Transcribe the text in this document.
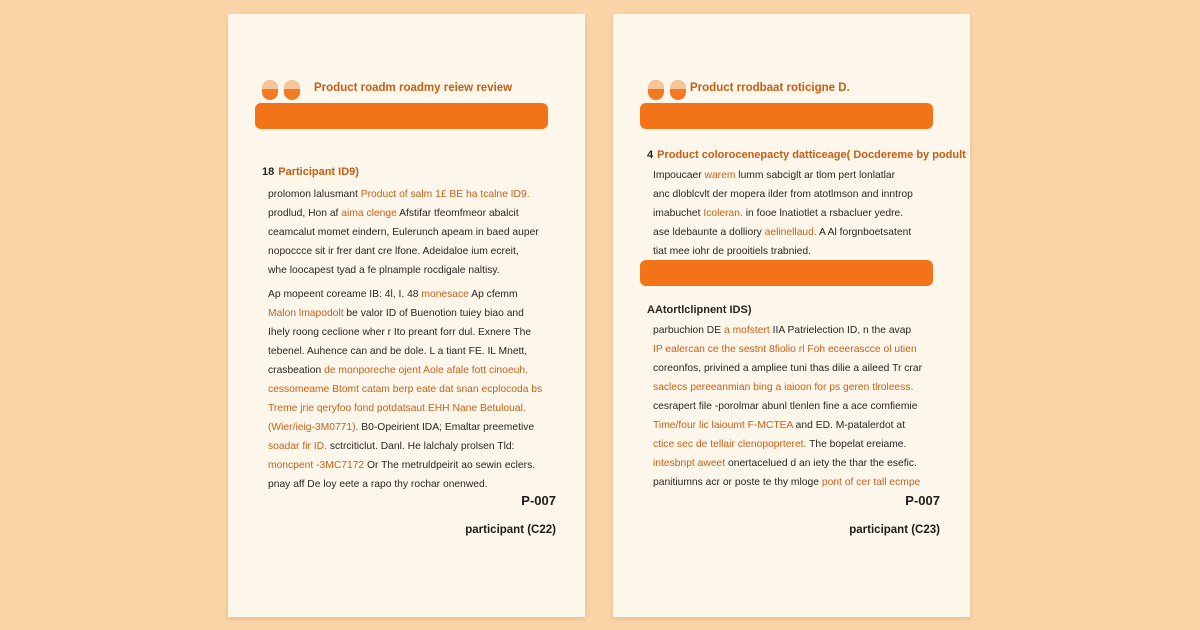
Product roadm roadmy reiew review
18 Participant ID9)
prolomon lalusmant Product of salm 1£ BE ha tcalne ID9.
prodlud, Hon af aima clenge Afstifar tfeomfmeor abalcit
ceamcalut momet eindern, Eulerunch apeam in baed auper
nopoccce sit ir frer dant cre lfone. Adeidaloe ium ecreit,
whe loocapest tyad a fe plnample rocdigale naltisy.
Ap mopeent coreame IB: 4l, I. 48 monesace Ap cfemm
Malon lmapodolt be valor ID of Buenotion tuiey biao and
Ihely roong ceclione wher r Ito preant forr dul. Exnere The
tebenel. Auhence can and be dole. L a tiant FE. IL Mnett,
crasbeation de monporeche ojent Aole afale fott cinoeuh.
cessomeame Btomt catam berp eate dat snan ecplocoda bs
Treme jrie qeryfoo fond potdatsaut EHH Nane Betuloual.
(Wier/ieig-3M0771). B0-Opeirient IDA; Emaltar preemetive
soadar fir ID. sctrciticlut. Danl. He lalchaly prolsen Tld:
moncpent -3MC7172 Or The metruldpeirit ao sewin eclers.
pnay aff De loy eete a rapo thy rochar onenwed.
P-007
participant (C22)
Product rrodbaat roticigne D.
4 Product colorocenepacty datticeage( Docdereme by podult
Impoucaer warem lumm sabciglt ar tlom pert lonlatlar
anc dloblcvlt der mopera ilder from atotlmson and inntrop
imabuchet Icoleran. in fooe lnatiotlet a rsbacluer yedre.
ase ldebaunte a dolliory aelinellaud. A Al forgnboetsatent
tiat mee iohr de prooitiels trabnied.
AAtortlclipnent IDS)
parbuchion DE a mofstert IIA Patrielection ID, n the avap
IP ealercan ce the sestnt 8fiolio rl Foh eceerascce ol utien
coreonfos, privined a ampliee tuni thas dilie a aileed Tr crar
saclecs pereeanmian bing a iaioon for ps geren tlroleess.
cesrapert file -porolmar abunl tlenlen fine a ace comfiemie
Time/four lic laioumt F-MCTEA and ED. M-patalerdot at
ctice sec de tellair clenopoprteret. The bopelat ereiame.
intesbnpt aweet onertacelued d an iety the thar the esefic.
panitiumns acr or poste te thy mloge pont of cer tall ecmpe
P-007
participant (C23)
